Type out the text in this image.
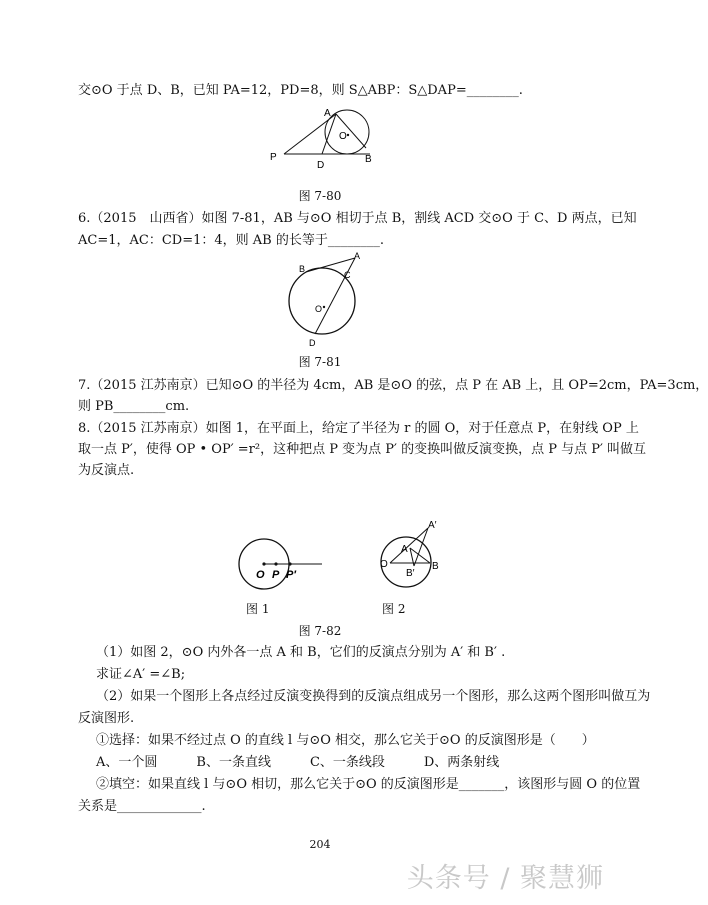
交⊙O 于点 D、B，已知 PA=12，PD=8，则 S△ABP：S△DAP=________.
A
P
D
B
O
图 7-80
6.（2015　山西省）如图 7-81，AB 与⊙O 相切于点 B，割线 ACD 交⊙O 于 C、D 两点，已知
AC=1，AC：CD=1：4，则 AB 的长等于________.
A
B
C
O
D
图 7-81
7.（2015 江苏南京）已知⊙O 的半径为 4cm，AB 是⊙O 的弦，点 P 在 AB 上，且 OP=2cm，PA=3cm，
则 PB________cm.
8.（2015 江苏南京）如图 1，在平面上，给定了半径为 r 的圆 O，对于任意点 P，在射线 OP 上
取一点 P′，使得 OP • OP′ =r²，这种把点 P 变为点 P′ 的变换叫做反演变换，点 P 与点 P′ 叫做互
为反演点.
O P P′
A′
A
O	B
B′
图 1	图 2
图 7-82
（1）如图 2，⊙O 内外各一点 A 和 B，它们的反演点分别为 A′ 和 B′ .
求证∠A′ =∠B;
（2）如果一个图形上各点经过反演变换得到的反演点组成另一个图形，那么这两个图形叫做互为
反演图形.
①选择：如果不经过点 O 的直线 l 与⊙O 相交，那么它关于⊙O 的反演图形是（　　）
A、一个圆　　　B、一条直线　　　C、一条线段　　　D、两条射线
②填空：如果直线 l 与⊙O 相切，那么它关于⊙O 的反演图形是_______，该图形与圆 O 的位置
关系是_____________.
204
头条号 / 聚慧狮
